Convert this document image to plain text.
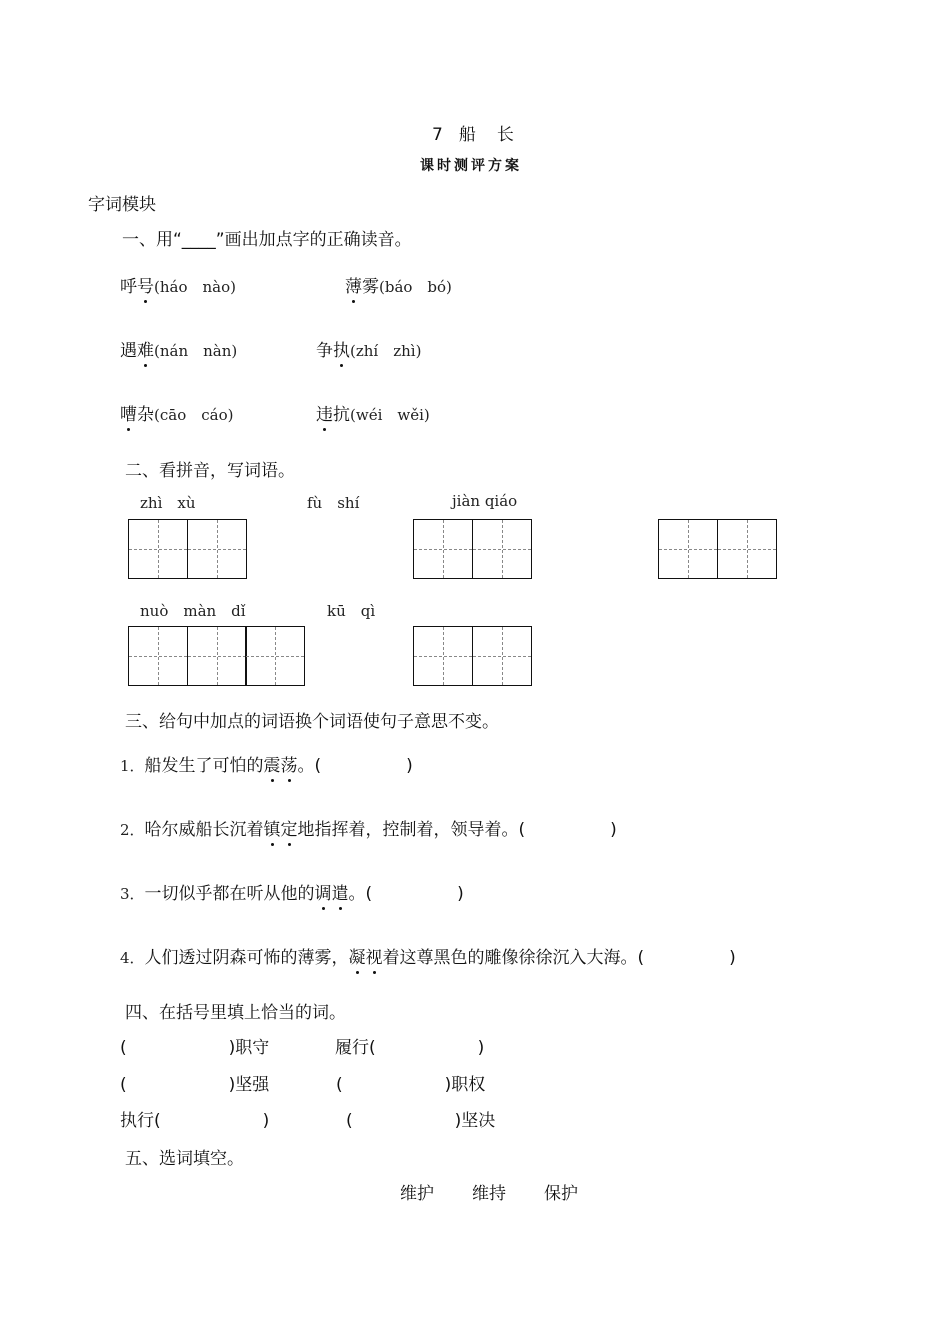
7 船　长
课时测评方案
字词模块
一、用“____”画出加点字的正确读音。
呼号(háo　nào)	薄雾(báo　bó)
遇难(nán　nàn)	争执(zhí　zhì)
嘈杂(cāo　cáo)	违抗(wéi　wěi)
二、看拼音，写词语。
zhì　xù	fù　shí	jiàn qiáo
nuò　màn　dǐ	kū　qì
三、给句中加点的词语换个词语使句子意思不变。
1．船发生了可怕的震荡。(　　　　　)
2．哈尔威船长沉着镇定地指挥着，控制着，领导着。(　　　　　)
3．一切似乎都在听从他的调遣。(　　　　　)
4．人们透过阴森可怖的薄雾，凝视着这尊黑色的雕像徐徐沉入大海。(　　　　　)
四、在括号里填上恰当的词。
(　　　　　　)职守	履行(　　　　　　)
(　　　　　　)坚强	(　　　　　　)职权
执行(　　　　　　)	(　　　　　　)坚决
五、选词填空。
维护 维持 保护
